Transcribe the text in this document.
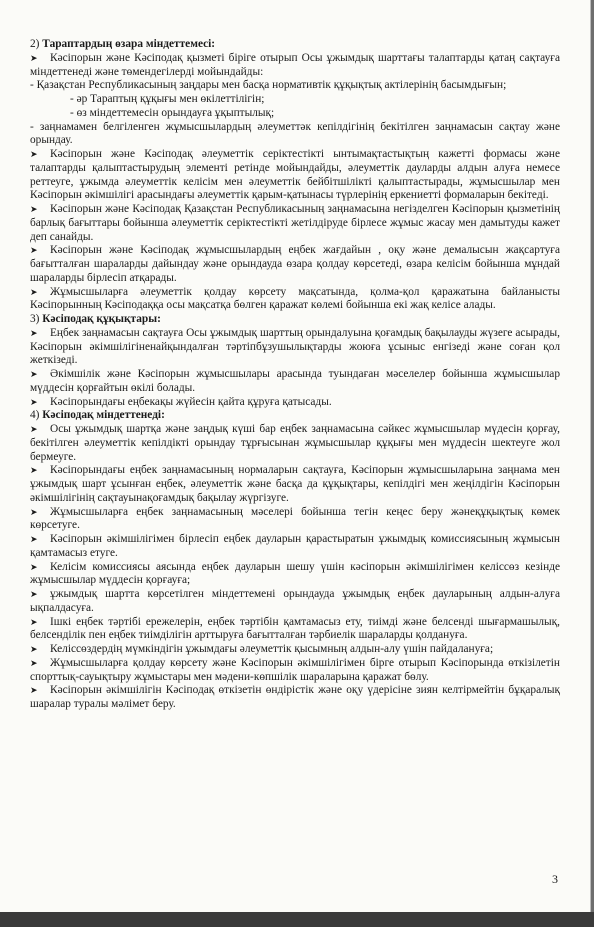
2) Тараптардың өзара міндеттемесі:

➤ Кәсіпорын және Кәсіподақ қызметі біріге отырып Осы ұжымдық шарттағы талаптарды қатаң сақтауға міндеттенеді және төмендегілерді мойындайды:

- Қазақстан Республикасының заңдары мен басқа нормативтік құқықтық актілерінің басымдығын;

- әр Тараптың құқығы мен өкілеттілігін;

- өз міндеттемесін орындауға ұқыптылық;

- заңнамамен белгіленген жұмысшылардың әлеуметтәк кепілдігінің бекітілген заңнамасын сақтау және орындау.

➤ Кәсіпорын және Кәсіподақ әлеуметтік серіктестікті ынтымақтастықтың кажетті формасы және талаптарды қалыптастырудың элементі ретінде мойындайды, әлеуметтік дауларды алдын алуға немесе реттеуге, ұжымда әлеуметтік келісім мен әлеуметтік бейбітшілікті қалыптастырады, жұмысшылар мен Кәсіпорын әкімшілігі арасындағы әлеуметтік қарым-қатынасы түрлерінің еркениетті формаларын бекітеді.

➤ Кәсіпорын және Кәсіподақ Қазақстан Республикасының заңнамасына негізделген Кәсіпорын қызметінің барлық бағыттары бойынша әлеуметтік серіктестікті жетілдіруде бірлесе жұмыс жасау мен дамытуды кажет деп санайды.

➤ Кәсіпорын және Кәсіподақ жұмысшылардың еңбек жағдайын , оқу және демалысын жақсартуға бағытталған шараларды дайындау және орындауда өзара қолдау көрсетеді, өзара келісім бойынша мұндай шараларды бірлесіп атқарады.

➤ Жұмысшыларға әлеуметтік қолдау көрсету мақсатында, қолма-қол қаражатына байланысты Кәсіпорынның Кәсіподаққа осы мақсатқа бөлген қаражат көлемі бойынша екі жақ келісе алады.

3) Кәсіподақ құқықтары:

➤ Еңбек заңнамасын сақтауға Осы ұжымдық шарттың орындалуына қоғамдық бақылауды жүзеге асырады, Кәсіпорын әкімшілігіненайқындалған тәртіпбұзушылықтарды жоюға ұсыныс енгізеді және соған қол жеткізеді.

➤ Әкімшілік және Кәсіпорын жұмысшылары арасында туындаған мәселелер бойынша жұмысшылар мүддесін қорғайтын өкілі болады.

➤ Кәсіпорындағы еңбекақы жүйесін қайта құруға қатысады.

4) Кәсіподақ міндеттенеді:

➤ Осы ұжымдық шартқа және заңдық күші бар еңбек заңнамасына сәйкес жұмысшылар мүдесін қорғау, бекітілген әлеуметтік кепілдікті орындау тұрғысынан жұмысшылар құқығы мен мүддесін шектеуге жол бермеуге.

➤ Кәсіпорындағы еңбек заңнамасының нормаларын сақтауға, Кәсіпорын жұмысшыларына заңнама мен ұжымдық шарт ұсынған еңбек, әлеуметтік және басқа да құқықтары, кепілдігі мен жеңілдігін Кәсіпорын әкімшілігінің сақтауынақоғамдық бақылау жүргізуге.

➤ Жұмысшыларға еңбек заңнамасының мәселері бойынша тегін кеңес беру жәнеқұқықтық көмек көрсетуге.

➤ Кәсіпорын әкімшілігімен бірлесіп еңбек дауларын қарастыратын ұжымдық комиссиясының жұмысын қамтамасыз етуге.

➤ Келісім комиссиясы аясында еңбек дауларын шешу үшін кәсіпорын әкімшілігімен келіссөз кезінде жұмысшылар мүддесін қорғауға;

➤ ұжымдық шартта көрсетілген міндеттемені орындауда ұжымдық еңбек дауларының алдын-алуға ықпалдасуға.

➤ Ішкі еңбек тәртібі ережелерін, еңбек тәртібін қамтамасыз ету, тиімді және белсенді шығармашылық, белсенділік пен еңбек тиімділігін арттыруға бағытталған тәрбиелік шараларды қолдануға.

➤ Келіссөздердің мүмкіндігін ұжымдағы әлеуметтік қысымның алдын-алу үшін пайдалануға;

➤ Жұмысшыларға қолдау көрсету және Кәсіпорын әкімшілігімен бірге отырып Кәсіпорында өткізілетін спорттық-сауықтыру жұмыстары мен мәдени-көпшілік шараларына қаражат бөлу.

➤ Кәсіпорын әкімшілігін Кәсіподақ өткізетін өндірістік және оқу үдерісіне зиян келтірмейтін бұқаралық шаралар туралы мәлімет беру.

3
